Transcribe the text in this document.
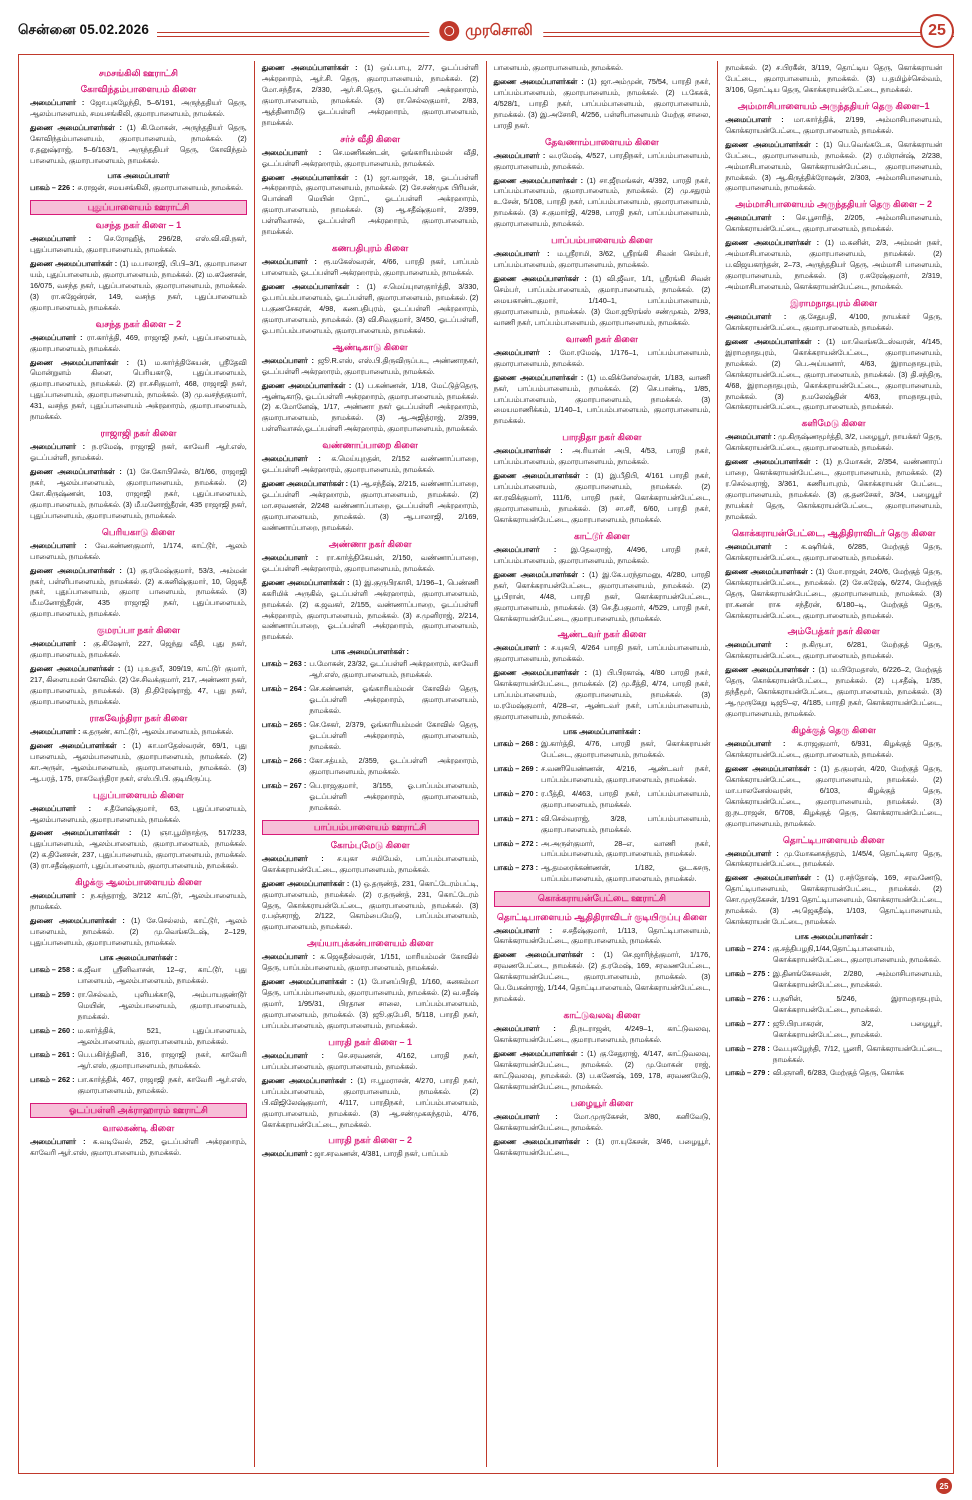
சென்னை 05.02.2026	முரசொலி	25
சமசங்கிலி ஊராட்சி
கோவிந்தம்பாளையம் கிளை

அமைப்பாளர் : ஜோ.புகழேந்தி, 5–6/191, அருந்ததியர் தெரு, ஆலம்பாளையம், சமயசங்கிலி, குமாரபாளையம், நாமக்கல்.

துணை அமைப்பாளர்கள் : (1) கி.மோகன், அருந்ததியர் தெரு, கோவிந்தம்பாளையம், குமாரபாளையம், நாமக்கல். (2) ர.தனுஷ்ராஜ், 5–6/163/1, அருந்ததியர் தெரு, கோவிந்தம் பாளையம், குமாரபாளையம், நாமக்கல்.

பாக அமைப்பாளர்
பாகம் – 226 : ச.ராஜன், சமயசங்கிலி, குமாரபாளையம், நாமக்கல்.
புதுப்பாளையம் ஊராட்சி
வசந்த நகர் கிளை – 1

அமைப்பாளர் : செ.ரோஹித், 296/28, எஸ்.வி.வி.நகர், புதுப்பாளையம், குமாரபாளையம், நாமக்கல்.

துணை அமைப்பாளர்கள் : (1) ம.பாலாஜி, பி.பி–3/1, குமாரபாளை யம், புதுப்பாளையம், குமாரபாளையம், நாமக்கல். (2) ம.கணேசன், 16/075, வசந்த நகர், புதுப்பாளையம், குமாரபாளையம், நாமக்கல். (3) ரா.கஜேன்ரன், 149, வசந்த நகர், புதுப்பாளையம் குமாரபாளையம், நாமக்கல்.

வசந்த நகர் கிளை – 2

அமைப்பாளர் : ரா.கார்த்தி, 469, ராஜாஜி நகர், புதுப்பாளையம், குமாரபாளையம், நாமக்கல்.

துணை அமைப்பாளர்கள் : (1) ம.கார்த்திகேயன், ஸ்ரீதேவி மொன்றுளம் கிளை, பெரியகாடு, புதுப்பாளையம், குமாரபாளையம், நாமக்கல். (2) ரா.சசிகுமார், 468, ராஜாஜி நகர், புதுப்பாளையம், குமாரபாளையம், நாமக்கல். (3) மு.வசந்தகுமார், 431, வசந்த நகர், புதுப்பாளையம் அக்ரஹாரம், குமாரபாளையம், நாமக்கல்.

ராஜாஜி நகர் கிளை

அமைப்பாளர் : ந.ரமேஷ், ராஜாஜி நகர், காவேரி ஆர்.எஸ், ஓடப்பள்ளி, நாமக்கல்.

துணை அமைப்பாளர்கள் : (1) சே.கோபிசெல், 8/1/66, ராஜாஜி நகர், ஆலம்பாளையம், குமாரபாளையம், நாமக்கல். (2) கோ.கிருஷ்ணன், 103, ராஜாஜி நகர், புதுப்பாளையம், குமாரபாளையம், நாமக்கல். (3) மீ.மனோஜ்தீரன், 435 ராஜாஜி நகர், புதுப்பாளையம், குமாரபாளையம், நாமக்கல்.

பெரியகாடு கிளை

அமைப்பாளர் : வே.கண்ணகுமார், 1/174, காட்டூர், ஆலம் பாளையம், நாமக்கல்.

துணை அமைப்பாளர்கள் : (1) கு.ரமேஷ்குமார், 53/3, அம்மன் நகர், பள்ளிபாளையம், நாமக்கல். (2) க.கனிஷ்குமார், 10, ஜெகதீ நகர், புதுப்பாளையம், குமார பாளையம், நாமக்கல். (3) மீ.மனோஜ்தீரன், 435 ராஜாஜி நகர், புதுப்பாளையம், குமாரபாளையம், நாமக்கல்.

குமரப்பா நகர் கிளை

அமைப்பாளர் : கு.கிஷோர், 227, ஜெந்து வீதி, புது நகர், குமாரபாளையம், நாமக்கல்.

துணை அமைப்பாளர்கள் : (1) பு.உதயீ, 309/19, காட்டூர் குமார், 217, கிளையமன் கோவில். (2) சே.சிவக்குமார், 217, அண்ணா நகர், குமாரபாளையம், நாமக்கல். (3) தி.திரேஷ்ராஜ், 47, புது நகர், குமாரபாளையம், நாமக்கல்.

ராகவேந்திரா நகர் கிளை

அமைப்பாளர் : க.தருண், காட்டூர், ஆலம்பாளையம், நாமக்கல்.

துணை அமைப்பாளர்கள் : (1) கா.மாதேஸ்வரன், 69/1, புது பாளையம், ஆலம்பாளையம், குமாரபாளையம், நாமக்கல். (2) கா.அருள், ஆலம்பாளையம், குமாரபாளையம், நாமக்கல். (3) ஆ.பரத், 175, ராகவேந்திரா நகர், எஸ்.பி.பி. குடியிருப்பு.

புதுப்பாளையம் கிளை

அமைப்பாளர் : ச.தீனேஷ்குமார், 63, புதுப்பாளையம், ஆலம்பாளையம், குமாரபாளையம், நாமக்கல்.

துணை அமைப்பாளர்கள் : (1) ஞா.பூமிநாத்ரு, 517/233, புதுப்பாளையம், ஆலம்பாளையம், குமாரபாளையம், நாமக்கல். (2) க.தினேசன், 237, புதுப்பாளையம், குமாரபாளையம், நாமக்கல். (3) ரா.சதீஷ்குமார், புதுப்பாளையம், குமாரபாளையம், நாமக்கல்.

கிழக்கு ஆலம்பாளையம் கிளை

அமைப்பாளர் : ந.கந்தராஜ், 3/212 காட்டூர், ஆலம்பாளையம், நாமக்கல்.

துணை அமைப்பாளர்கள் : (1) சே.செல்லம், காட்டூர், ஆலம் பாளையம், நாமக்கல். (2) மு.வெங்கடேஷ், 2–129, புதுப்பாளையம், குமாரபாளையம், நாமக்கல்.

பாக அமைப்பாளர்கள் :
பாகம் – 258 : க.ஜீவா ஸ்ரீனிவாசன், 12–ஏ, காட்டூர், புது பாளையம், ஆலம்பாளையம், நாமக்கல்.
பாகம் – 259 : ரா.செல்வம், புளியக்காடு, அம்பாயகுண்டூர் மெயின், ஆலம்பாளையம், குமாரபாளையம், நாமக்கல்.
பாகம் – 260 : ம.கார்த்திக், 521, புதுப்பாளையம், ஆலம்பாளையம், குமாரபாளையம், நாமக்கல்.
பாகம் – 261 : பெ.பகிர்த்தினி, 316, ராஜாஜி நகர், காவேரி ஆர்.எஸ், குமாரபாளையம், நாமக்கல்.
பாகம் – 262 : பா.கார்த்திக், 467, ராஜாஜி நகர், காவேரி ஆர்.எஸ், குமாரபாளையம், நாமக்கல்.
ஓடப்பள்ளி அக்ராஹாரம் ஊராட்சி
வாலகண்டி கிளை

அமைப்பாளர் : க.வடிவேல், 252, ஓடப்பள்ளி அக்ரஹாரம், காவேரி ஆர்.எஸ், குமாரபாளையம், நாமக்கல்.

துணை அமைப்பாளர்கள் : (1) ஒய்.பாபு, 2/77, ஓடப்பள்ளி அக்ரஹாரம், ஆர்.சி. தெரு, குமாரபாளையம், நாமக்கல். (2) மோ.சந்தீரசு, 2/330, ஆர்.சி.தெரு, ஓடப்பள்ளி அக்ரஹாரம், குமாரபாளையம், நாமக்கல். (3) ரா.செல்லகுமார், 2/83, ஆத்தினாமீடு ஓடப்பள்ளி அக்ரஹாரம், குமாரபாளையம், நாமக்கல்.

சர்ச் வீதி கிளை

அமைப்பாளர் : செ.மணிகண்டன், ஓங்காரியம்மன் வீதி, ஓடப்பள்ளி அக்ரஹாரம், குமாரபாளையம், நாமக்கல்.

துணை அமைப்பாளர்கள் : (1) ஜா.வாஜன், 18, ஓடப்பள்ளி அக்ரஹாரம், குமாரபாளையம், நாமக்கல். (2) சே.சண்முக பிரியன், பொன்னி மெயின் ரோட், ஓடப்பள்ளி அக்ரஹாரம், குமாரபாளையம், நாமக்கல். (3) ஆ.சதீஷ்குமார், 2/399, பள்ளிவாசல், ஓடப்பள்ளி அக்ரஹாரம், குமாரபாளையம், நாமக்கல்.

கணபதிபுரம் கிளை

அமைப்பாளர் : ரூ.மகேஸ்வரன், 4/66, பாரதி நகர், பாப்பம் பாளையம், ஓடப்பள்ளி அக்ரஹாரம், குமாரபாளையம், நாமக்கல்.

துணை அமைப்பாளர்கள் : (1) ச.மெய்யுாளகுார்த்தி, 3/330, ஓ.பாப்பம்பாளையம், ஓடப்பள்ளி, குமாரபாளையம், நாமக்கல். (2) ப.குணசேகரன், 4/98, கணபதிபுரம், ஓடப்பள்ளி அக்ரஹாரம், குமாரபாளையம், நாமக்கல். (3) வி.சிவகுமார், 3/450, ஓடப்பள்ளி, ஓ.பாப்பம்பாளையம், குமாரபாளையம், நாமக்கல்.

ஆண்டிகாடு கிளை

அமைப்பாளர் : ஜூ.R.எஸ், எஸ்.பி.திருவிருப்பட, அண்ணாநகர், ஓடப்பள்ளி அக்ரஹாரம், குமாரபாளையம், நாமக்கல்.

துணை அமைப்பாளர்கள் : (1) ப.கண்ணன், 1/18, மேட்டுத்தெரு, ஆண்டிகாடு, ஓடப்பள்ளி அக்ரஹாரம், குமாரபாளையம், நாமக்கல். (2) சு.மோனேஷ், 1/17, அண்ணா நகர் ஓடப்பள்ளி அக்ரஹாரம், குமாரபாளையம், நாமக்கல். (3) ஆ.அஜித்ராஜ், 2/399, பள்ளிவாசல்,ஓடப்பள்ளி அக்ரஹாரம், குமாரபாளையம், நாமக்கல்.

வண்ணாப்பாறை கிளை

அமைப்பாளர் : க.மெய்யுறதன், 2/152 வண்ணாப்பாறை, ஓடப்பள்ளி அக்ரஹாரம், குமாரபாளையம், நாமக்கல்.

துணை அமைப்பாளர்கள் : (1) ஆ.சந்தீஷ், 2/215, வண்ணாப்பாறை, ஓடப்பள்ளி அக்ரஹாரம், குமாரபாளையம், நாமக்கல். (2) மா.சரவணன், 2/248 வண்ணாப்பாறை, ஓடப்பள்ளி அக்ரஹாரம், குமாரபாளையம், நாமக்கல். (3) ஆ.பாலாஜி, 2/169, வண்ணாப்பாறை, நாமக்கல்.

அண்ணா நகர் கிளை

அமைப்பாளர் : ரா.கார்த்திகேயன், 2/150, வண்ணாப்பாறை, ஓடப்பள்ளி அக்ரஹாரம், குமாரபாளையம், நாமக்கல்.

துணை அமைப்பாளர்கள் : (1) இ.குருபிரகாசி, 1/196–1, பெண்ணி ககரிமிக் அருகில், ஓடப்பள்ளி அக்ரஹாரம், குமாரபாளையம், நாமக்கல். (2) க.ஜவகர், 2/155, வண்ணாப்பாறை, ஓடப்பள்ளி அக்ரஹாரம், குமாரபாளையம், நாமக்கல். (3) ச.முனிராஜ், 2/214, வண்ணாப்பாறை, ஓடப்பள்ளி அக்ரஹாரம், குமாரபாளையம், நாமக்கல்.

பாக அமைப்பாளர்கள் :
பாகம் – 263 : ப.மோகன், 23/32, ஓடப்பள்ளி அக்ரஹாரம், காவேரி ஆர்.எஸ், குமாரபாளையம், நாமக்கல்.
பாகம் – 264 : செ.கண்ணன், ஓங்காரியம்மன் கோவில் தெரு, ஓடப்பள்ளி அக்ரஹாரம், குமாரபாளையம், நாமக்கல்.
பாகம் – 265 : செ.சேகர், 2/379, ஓங்காரியம்மன் கோவில் தெரு, ஓடப்பள்ளி அக்ரஹாரம், குமாரபாளையம், நாமக்கல்.
பாகம் – 266 : கோ.சத்யம், 2/359, ஓடப்பள்ளி அக்ரஹாரம், குமாரபாளையம், நாமக்கல்.
பாகம் – 267 : பெ.ராஜகுமார், 3/155, ஓ.பாப்பம்பாளையம், ஓடப்பள்ளி அக்ரஹாரம், குமாரபாளையம், நாமக்கல்.
பாப்பம்பாளையம் ஊராட்சி
கோம்புமேடு கிளை

அமைப்பாளர் : ச.யுகா சமியேல், பாப்பம்பாளையம், கொக்கராயன்பேட்டை, குமாரபாளையம், நாமக்கல்.

துணை அமைப்பாளர்கள் : (1) ஒ.தருண்த், 231, கொட்டேரம்பட்டி, குமாரபாளையம், நாமக்கல். (2) ர.தருண்த், 231, கொட்டேரம் தெரு, கொக்கராயன்பேட்டை, குமாரபாளையம், நாமக்கல். (3) ர.பஞ்சராஜ், 2/122, கொம்பைமேடு, பாப்பம்பாளையம், குமாரபாளையம், நாமக்கல்.

அய்யாபுக்கன்பாளையம் கிளை

அமைப்பாளர் : க.ஜெகதீஸ்வரன், 1/151, மாரியம்மன் கோவில் தெரு, பாப்பம்பாளையம், குமாரபாளையம், நாமக்கல்.

துணை அமைப்பாளர்கள் : (1) போனப்பிரதி, 1/160, கனகம்மா தெரு, பாப்பம்பாளையம், குமாரபாளையம், நாமக்கல். (2) வ.சதீஷ் குமார், 1/95/31, பிரதான சாலை, பாப்பம்பாளையம், குமாரபாளையம், நாமக்கல். (3) ஜூ.குபேசி, 5/118, பாரதி நகர், பாப்பம்பாளையம், குமாரபாளையம், நாமக்கல்.

பாரதி நகர் கிளை – 1

அமைப்பாளர் : செ.சரவணன், 4/162, பாரதி நகர், பாப்பம்பாளையம், குமாரபாளையம், நாமக்கல்.

துணை அமைப்பாளர்கள் : (1) ஈ.பூமராசன், 4/270, பாரதி நகர், பாப்பம்பாளையம், குமாரபாளையம், நாமக்கல். (2) பி.விஜிலேஷ்குமார், 4/117, பாரதிநகர், பாப்பம்பாளையம், குமாரபாளையம், நாமக்கல். (3) ஆ.சண்முகசுந்தரம், 4/76, கொக்கராயன்பேட்டை, நாமக்கல்.

பாரதி நகர் கிளை – 2

அமைப்பாளர் : ஜா.சரவணன், 4/381, பாரதி நகர், பாப்பம்

பாளையம், குமாரபாளையம், நாமக்கல்.

துணை அமைப்பாளர்கள் : (1) ஜா.அம்முன், 75/54, பாரதி நகர், பாப்பம்பாளையம், குமாரபாளையம், நாமக்கல். (2) ப.கேசுக், 4/528/1, பாரதி நகர், பாப்பம்பாளையம், குமாரபாளையம், நாமக்கல். (3) இ.அசோசி, 4/256, பள்ளிபாளையம் மேற்கு சாலை, பாரதி நகர்.

தேவணாம்பாளையம் கிளை

அமைப்பாளர் : வ.ரமேஷ், 4/527, பாரதிநகர், பாப்பம்பாளையம், குமாரபாளையம், நாமக்கல்.

துணை அமைப்பாளர்கள் : (1) சா.ஜீரமங்கள், 4/392, பாரதி நகர், பாப்பம்பாளையம், குமாரபாளையம், நாமக்கல். (2) மு.சதுரம் உ.சேன், 5/108, பாரதி நகர், பாப்பம்பாளையம், குமாரபாளையம், நாமக்கல். (3) ச.குமார்ஜி, 4/298, பாரதி நகர், பாப்பம்பாளையம், குமாரபாளையம், நாமக்கல்.

பாப்பம்பாளையம் கிளை

அமைப்பாளர் : ம.ஸ்ரீராமி, 3/62, ஸ்ரீரங்கி சிவன் செம்பர், பாப்பம்பாளையம், குமாரபாளையம், நாமக்கல்.

துணை அமைப்பாளர்கள் : (1) வி.ஜீவா, 1/1, ஸ்ரீரங்கி சிவன் செம்பர், பாப்பம்பாளையம், குமாரபாளையம், நாமக்கல். (2) மையகாண்டகுமார், 1/140–1, பாப்பம்பாளையம், குமாரபாளையம், நாமக்கல். (3) மோ.ஜூரங்ஸ் சண்முகம், 2/93, வாணி நகர், பாப்பம்பாளையம், குமாரபாளையம், நாமக்கல்.

வாணி நகர் கிளை

அமைப்பாளர் : மோ.ரமேஷ், 1/176–1, பாப்பம்பாளையம், குமாரபாளையம், நாமக்கல்.

துணை அமைப்பாளர்கள் : (1) ம.விக்னேஸ்வரன், 1/183, வாணி நகர், பாப்பம்பாளையம், நாமக்கல். (2) செ.பாண்டி, 1/85, பாப்பம்பாளையம், குமாரபாளையம், நாமக்கல். (3) மையமாணிக்கம், 1/140–1, பாப்பம்பாளையம், குமாரபாளையம், நாமக்கல்.

பாரதிதா நகர் கிளை

அமைப்பாளர்கள் : அ.ரியான் அபி, 4/53, பாரதி நகர், பாப்பம்பாளையம், குமாரபாளையம், நாமக்கல்.

துணை அமைப்பாளர்கள் : (1) இ.பீதிபி, 4/161 பாரதி நகர், பாப்பம்பாளையம், குமாரபாளையம், நாமக்கல். (2) கா.ரவிக்குமார், 111/6, பாரதி நகர், கொக்கராயன்பேட்டை, குமாரபாளையம், நாமக்கல். (3) சா.சரீ, 6/60, பாரதி நகர், கொக்கராயன்பேட்டை, குமாரபாளையம், நாமக்கல்.

காட்டூர் கிளை

அமைப்பாளர் : இ.தேவராஜ், 4/496, பாரதி நகர், பாப்பம்பாளையம், குமாரபாளையம், நாமக்கல்.

துணை அமைப்பாளர்கள் : (1) இ.கே.பரந்தாமனு, 4/280, பாரதி நகர், கொக்கராயன்பேட்டை, குமாரபாளையம், நாமக்கல். (2) பூ.பிரான், 4/48, பாரதி நகர், கொக்கராயன்பேட்டை, குமாரபாளையம், நாமக்கல். (3) செ.தீபகுமார், 4/529, பாரதி நகர், கொக்கராயன்பேட்டை, குமாரபாளையம், நாமக்கல்.

ஆண்டவர் நகர் கிளை

அமைப்பாளர் : ச.யுகபி, 4/264 பாரதி நகர், பாப்பம்பாளையம், குமாரபாளையம், நாமக்கல்.

துணை அமைப்பாளர்கள் : (1) பி.பிரகாஷ், 4/80 பாரதி நகர், கொக்கராயன்பேட்டை, நாமக்கல். (2) மு.சீத்தி, 4/74, பாரதி நகர், பாப்பம்பாளையம், குமாரபாளையம், நாமக்கல். (3) ம.ரமேஷ்குமார், 4/28–எ, ஆண்டவர் நகர், பாப்பம்பாளையம், குமாரபாளையம், நாமக்கல்.

பாக அமைப்பாளர்கள் :
பாகம் – 268 : இ.கார்த்தி, 4/76, பாரதி நகர், கொக்கராயன் பேட்டை, குமாரபாளையம், நாமக்கல்.
பாகம் – 269 : ச.வணியெண்ணன், 4/216, ஆண்டவர் நகர், பாப்பம்பாளையம், குமாரபாளையம், நாமக்கல்.
பாகம் – 270 : ர.பீத்தி, 4/463, பாரதி நகர், பாப்பம்பாளையம், குமாரபாளையம், நாமக்கல்.
பாகம் – 271 : வி.செல்வராஜ், 3/28, பாப்பம்பாளையம், குமாரபாளையம், நாமக்கல்.
பாகம் – 272 : அ.அருள்குமார், 28–எ, வாணி நகர், பாப்பம்பாளையம், குமாரபாளையம், நாமக்கல்.
பாகம் – 273 : ஆ.தமரைக்கண்ணன், 1/182, ஓட.கசரு, பாப்பம்பாளையம், குமாரபாளையம், நாமக்கல்.
கொக்கராயன்பேட்டை ஊராட்சி
தொட்டிபாளையம் ஆதிதிராவிடர் குடியிருப்பு கிளை

அமைப்பாளர் : ச.சதீஷ்குமார், 1/113, தொட்டிபாளையம், கொக்கராயன்பேட்டை, குமாரபாளையம், நாமக்கல்.

துணை அமைப்பாளர்கள் : (1) செ.ஜாரிந்த்குமார், 1/176, சரவணபேட்டை, நாமக்கல். (2) த.ரமேஷ், 169, சரவணபேட்டை, கொக்கராயன்பேட்டை, குமாரபாளையம், நாமக்கல். (3) பெ.யேகன்ராஜ், 1/144, தொட்டிபாளையம், கொக்கராயன்பேட்டை, நாமக்கல்.

காட்டுவலவு கிளை

அமைப்பாளர் : தி.நடராஜன், 4/249–1, காட்டுவலவு, கொக்கராயன்பேட்டை, குமாரபாளையம், நாமக்கல்.

துணை அமைப்பாளர்கள் : (1) கு.சேதுராஜ், 4/147, காட்டுவலவு, கொக்கராயன்பேட்டை, நாமக்கல். (2) மு.மோகன் ராஜ், காட்டுவலவு, நாமக்கல். (3) ப.கணேஷ், 169, 178, சரவணமேடு, கொக்கராயன்பேட்டை, நாமக்கல்.

பழையூர் கிளை

அமைப்பாளர் : மோ.முருகேசன், 3/80, கனிவேடு, கொக்கராயன்பேட்டை, நாமக்கல்.

துணை அமைப்பாளர்கள் : (1) ரா.யுகேசன், 3/46, பழையூர், கொக்கராயன்பேட்டை,

நாமக்கல். (2) ச.பிரகீன், 3/119, தொட்டிய தெரு, கொக்கராயன் பேட்டை, குமாரபாளையம், நாமக்கல். (3) ப.தமிழ்ச்செல்வம், 3/106, தொட்டிய தெரு, கொக்கராயன்பேட்டை, நாமக்கல்.

அம்மாசிபாளையம் அருந்ததியர் தெரு கிளை–1

அமைப்பாளர் : மா.கார்த்திக், 2/199, அம்மாசிபாளையம், கொக்கராயன்பேட்டை, குமாரபாளையம், நாமக்கல்.

துணை அமைப்பாளர்கள் : (1) பெ.வெங்கடேசு, கொக்கராயன் பேட்டை, குமாரபாளையம், நாமக்கல். (2) ர.மிரான்ஷ், 2/238, அம்மாசிபாளையம், கொக்கராயன்பேட்டை, குமாரபாளையம், நாமக்கல். (3) ஆ.கிருத்திக்ரோஷன், 2/303, அம்மாசிபாளையம், குமாரபாளையம், நாமக்கல்.

அம்மாசிபாளையம் அருந்ததியர் தெரு கிளை – 2

அமைப்பாளர் : செ.பூசாரித், 2/205, அம்மாசிபாளையம், கொக்கராயன்பேட்டை, குமாரபாளையம், நாமக்கல்.

துணை அமைப்பாளர்கள் : (1) ம.கனின், 2/3, அம்மன் நகர், அம்மாசிபாளையம், குமாரபாளையம், நாமக்கல். (2) ப.விஜயகாந்தன், 2–73, அருந்ததியர் தெரு, அம்மாசி பாளையம், குமாரபாளையம், நாமக்கல். (3) ர.சுரேஷ்குமார், 2/319, அம்மாசிபாளையம், கொக்கராயன்பேட்டை, நாமக்கல்.

இராமநாதபுரம் கிளை

அமைப்பாளர் : கு.சேதுபதி, 4/100, நாயக்கர் தெரு, கொக்கராயன்பேட்டை, குமாரபாளையம், நாமக்கல்.

துணை அமைப்பாளர்கள் : (1) மா.வெங்கடேஸ்வரன், 4/145, இராமநாதபுரம், கொக்கராயன்பேட்டை, குமாரபாளையம், நாமக்கல். (2) பெ.அய்யனார், 4/63, இராமநாதபுரம், கொக்கராயன்பேட்டை, குமாரபாளையம், நாமக்கல். (3) தி.சந்திரு, 4/68, இராமநாதபுரம், கொக்கராயன்பேட்டை, குமாரபாளையம், நாமக்கல். (3) ந.மலேஷ்தின் 4/63, ராமநாதபுரம், கொக்கராயன்பேட்டை, குமாரபாளையம், நாமக்கல்.

களிமேடு கிளை

அமைப்பாளர் : மு.கிருஷ்ணமூர்த்தி, 3/2, பழையூர், நாயக்கர் தெரு, கொக்கராயன்பேட்டை, குமாரபாளையம், நாமக்கல்.

துணை அமைப்பாளர்கள் : (1) ந.மோகன், 2/354, வண்ணாரப் பாறை, கொக்கராயன்பேட்டை, குமாரபாளையம், நாமக்கல். (2) ர.செல்வராஜ், 3/361, கணியாபுரம், கொக்கராயன் பேட்டை, குமாரபாளையம், நாமக்கல். (3) கு.தனசேகர், 3/34, பழையூர் நாயக்கர் தெரு, கொக்கராயன்பேட்டை, குமாரபாளையம், நாமக்கல்.

கொக்கராயன்பேட்டை, ஆதிதிராவிடர் தெரு கிளை

அமைப்பாளர் : க.ஷரிங்க், 6/285, மேற்குத் தெரு, கொக்கராயன்பேட்டை, குமாரபாளையம், நாமக்கல்.

துணை அமைப்பாளர்கள் : (1) மோ.ராஜன், 240/6, மேற்குத் தெரு, கொக்கராயன்பேட்டை, நாமக்கல். (2) சே.சுரேஷ், 6/274, மேற்குத் தெரு, கொக்கராயன்பேட்டை, குமாரபாளையம், நாமக்கல். (3) ரா.கனன் ராசு சந்தீரன், 6/180–டி, மேற்குத் தெரு, கொக்கராயன்பேட்டை, குமாரபாளையம், நாமக்கல்.

அம்பேத்கர் நகர் கிளை

அமைப்பாளர் : ந.கிருபா, 6/281, மேற்குத் தெரு, கொக்கராயன்பேட்டை, குமாரபாளையம், நாமக்கல்.

துணை அமைப்பாளர்கள் : (1) ம.பிரேமதாஸ், 6/226–2, மேற்குத் தெரு, கொக்கராயன்பேட்டை, நாமக்கல். (2) பு.சதீஷ், 1/35, தந்தீமூர், கொக்கராயன்பேட்டை, குமாரபாளையம், நாமக்கல். (3) ஆ.முருகேறு டிஜூ–ஏ, 4/185, பாரதி நகர், கொக்கராயன்பேட்டை, குமாரபாளையம், நாமக்கல்.

கிழக்குத் தெரு கிளை

அமைப்பாளர் : க.ராஜகுமார், 6/931, கிழக்குத் தெரு, கொக்கராயன்பேட்டை, குமாரபாளையம், நாமக்கல்.

துணை அமைப்பாளர்கள் : (1) த.குமரன், 4/20, மேற்குத் தெரு, கொக்கராயன்பேட்டை, குமாரபாளையம், நாமக்கல். (2) மா.பாலனேஸ்வரன், 6/103, கிழக்குத் தெரு, கொக்கராயன்பேட்டை, குமாரபாளையம், நாமக்கல். (3) ஐ.நடராஜன், 6/708, கிழக்குத் தெரு, கொக்கராயன்பேட்டை, குமாரபாளையம், நாமக்கல்.

தொட்டிபாளையம் கிளை

அமைப்பாளர் : மு.மோகனசுந்தரம், 1/45/4, தொட்டிகார தெரு, கொக்கராயன்பேட்டை, நாமக்கல்.

துணை அமைப்பாளர்கள் : (1) ர.சந்தோஷ், 169, சரவணேடு, தொட்டிபாளையம், கொக்கராயன்பேட்டை, நாமக்கல். (2) சொ.முருகேசன், 1/191 தொட்டிபாளையம், கொக்கராயன்பேட்டை, நாமக்கல். (3) அ.ஜெகதீஷ், 1/103, தொட்டிபாளையம், கொக்கராயன் பேட்டை, நாமக்கல்.

பாக அமைப்பாளர்கள் :
பாகம் – 274 : கு.சத்திபழநி,1/44,தொட்டிபாளையம், கொக்கராயன்பேட்டை, குமாரபாளையம், நாமக்கல்.
பாகம் – 275 : இ.தினங்கேசவன், 2/280, அம்மாசிபாளையம், கொக்கராயன்பேட்டை, நாமக்கல்.
பாகம் – 276 : ப.நளின், 5/246, இராமநாதபுரம், கொக்கராயன்பேட்டை, நாமக்கல்.
பாகம் – 277 : ஜூ.பிரபாகரன், 3/2, பழையூர், கொக்கராயன்பேட்டை, நாமக்கல்.
பாகம் – 278 : வே.புகழேந்தி, 7/12, பூனரி, கொக்கராயன்பேட்டை, நாமக்கல்.
பாகம் – 279 : வி.ஞானி, 6/283, மேற்குத் தெரு, கொக்க
25
